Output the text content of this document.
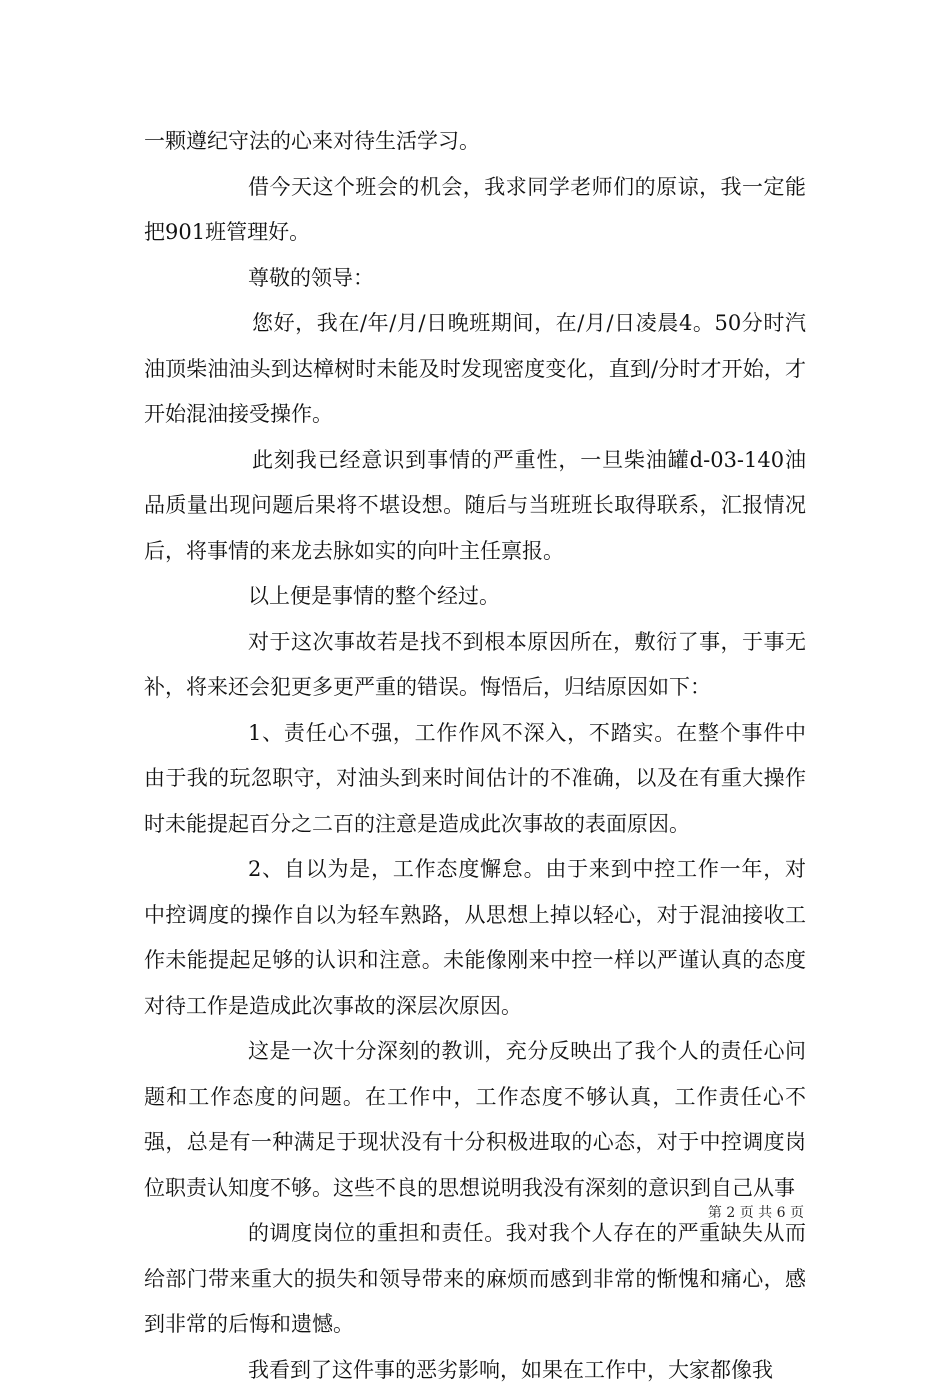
一颗遵纪守法的心来对待生活学习。

借今天这个班会的机会，我求同学老师们的原谅，我一定能把901班管理好。

尊敬的领导：

您好，我在/年/月/日晚班期间，在/月/日凌晨4。50分时汽油顶柴油油头到达樟树时未能及时发现密度变化，直到/分时才开始，才开始混油接受操作。

此刻我已经意识到事情的严重性，一旦柴油罐d-03-140油品质量出现问题后果将不堪设想。随后与当班班长取得联系，汇报情况后，将事情的来龙去脉如实的向叶主任禀报。

以上便是事情的整个经过。

对于这次事故若是找不到根本原因所在，敷衍了事，于事无补，将来还会犯更多更严重的错误。悔悟后，归结原因如下：

1、责任心不强，工作作风不深入，不踏实。在整个事件中由于我的玩忽职守，对油头到来时间估计的不准确，以及在有重大操作时未能提起百分之二百的注意是造成此次事故的表面原因。

2、自以为是，工作态度懈怠。由于来到中控工作一年，对中控调度的操作自以为轻车熟路，从思想上掉以轻心，对于混油接收工作未能提起足够的认识和注意。未能像刚来中控一样以严谨认真的态度对待工作是造成此次事故的深层次原因。

这是一次十分深刻的教训，充分反映出了我个人的责任心问题和工作态度的问题。在工作中，工作态度不够认真，工作责任心不强，总是有一种满足于现状没有十分积极进取的心态，对于中控调度岗位职责认知度不够。这些不良的思想说明我没有深刻的意识到自己从事

的调度岗位的重担和责任。我对我个人存在的严重缺失从而给部门带来重大的损失和领导带来的麻烦而感到非常的惭愧和痛心，感到非常的后悔和遗憾。

我看到了这件事的恶劣影响，如果在工作中，大家都像我

第 2 页 共 6 页
